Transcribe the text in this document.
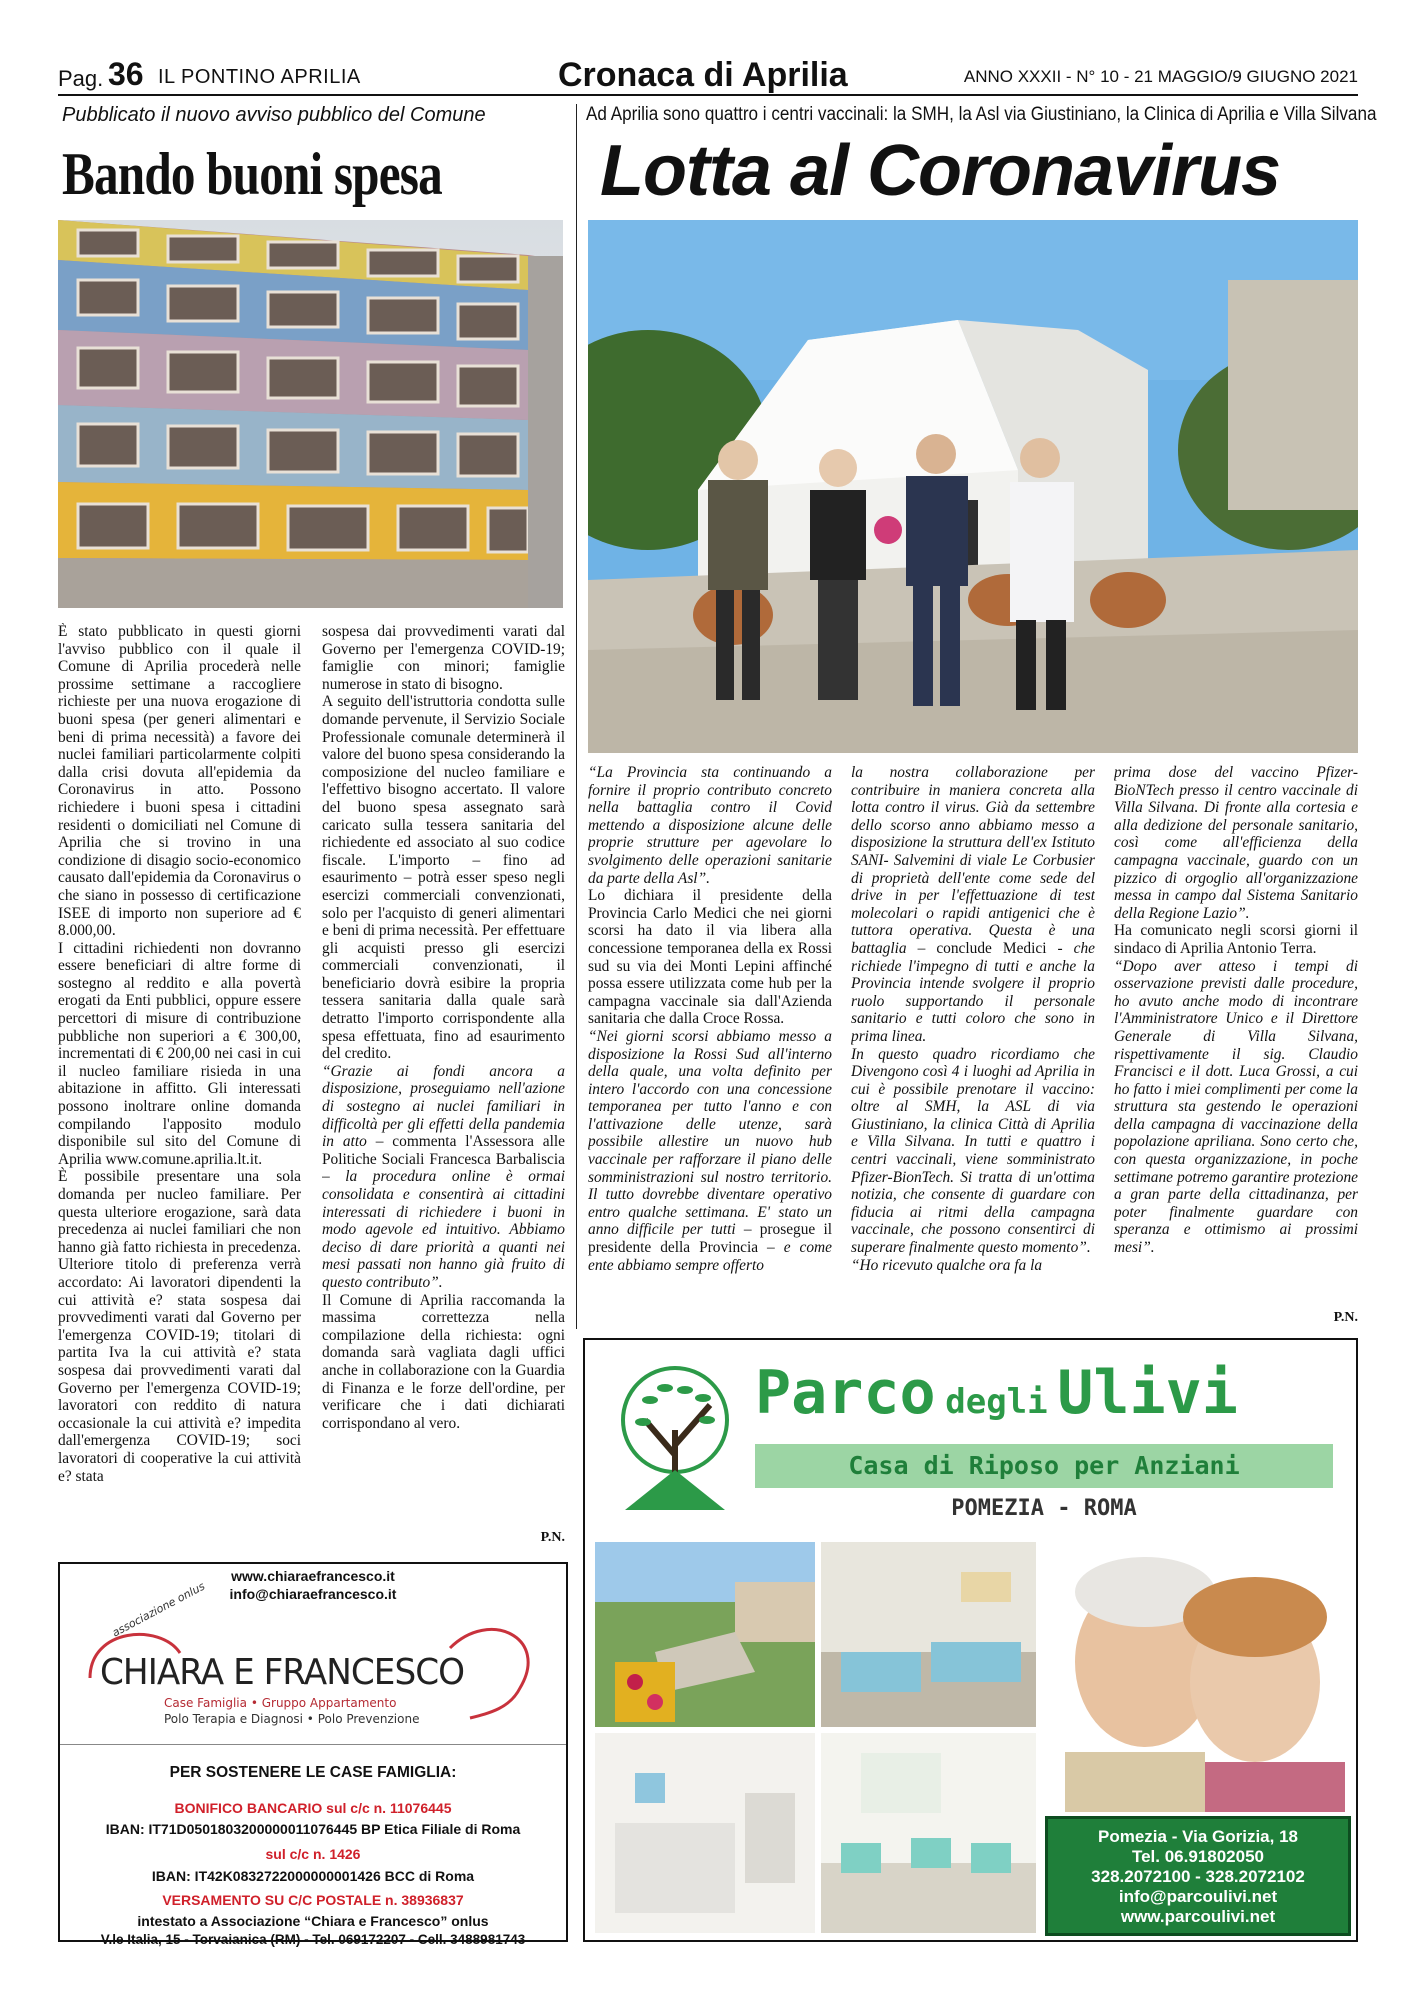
Pag. 36 IL PONTINO APRILIA	Cronaca di Aprilia	ANNO XXXII - N° 10 - 21 MAGGIO/9 GIUGNO 2021
Pubblicato il nuovo avviso pubblico del Comune
Bando buoni spesa

È stato pubblicato in questi giorni l'avviso pubblico con il quale il Comune di Aprilia procederà nelle prossime settimane a raccogliere richieste per una nuova erogazione di buoni spesa (per generi alimentari e beni di prima necessità) a favore dei nuclei familiari particolarmente colpiti dalla crisi dovuta all'epidemia da Coronavirus in atto. Possono richiedere i buoni spesa i cittadini residenti o domiciliati nel Comune di Aprilia che si trovino in una condizione di disagio socio-economico causato dall'epidemia da Coronavirus o che siano in possesso di certificazione ISEE di importo non superiore ad € 8.000,00.
I cittadini richiedenti non dovranno essere beneficiari di altre forme di sostegno al reddito e alla povertà erogati da Enti pubblici, oppure essere percettori di misure di contribuzione pubbliche non superiori a € 300,00, incrementati di € 200,00 nei casi in cui il nucleo familiare risieda in una abitazione in affitto. Gli interessati possono inoltrare online domanda compilando l'apposito modulo disponibile sul sito del Comune di Aprilia www.comune.aprilia.lt.it.
È possibile presentare una sola domanda per nucleo familiare. Per questa ulteriore erogazione, sarà data precedenza ai nuclei familiari che non hanno già fatto richiesta in precedenza. Ulteriore titolo di preferenza verrà accordato: Ai lavoratori dipendenti la cui attività e? stata sospesa dai provvedimenti varati dal Governo per l'emergenza COVID-19; titolari di partita Iva la cui attività e? stata sospesa dai provvedimenti varati dal Governo per l'emergenza COVID-19; lavoratori con reddito di natura occasionale la cui attività e? impedita dall'emergenza COVID-19; soci lavoratori di cooperative la cui attività e? stata

sospesa dai provvedimenti varati dal Governo per l'emergenza COVID-19; famiglie con minori; famiglie numerose in stato di bisogno.
A seguito dell'istruttoria condotta sulle domande pervenute, il Servizio Sociale Professionale comunale determinerà il valore del buono spesa considerando la composizione del nucleo familiare e l'effettivo bisogno accertato. Il valore del buono spesa assegnato sarà caricato sulla tessera sanitaria del richiedente ed associato al suo codice fiscale. L'importo – fino ad esaurimento – potrà esser speso negli esercizi commerciali convenzionati, solo per l'acquisto di generi alimentari e beni di prima necessità. Per effettuare gli acquisti presso gli esercizi commerciali convenzionati, il beneficiario dovrà esibire la propria tessera sanitaria dalla quale sarà detratto l'importo corrispondente alla spesa effettuata, fino ad esaurimento del credito.
“Grazie ai fondi ancora a disposizione, proseguiamo nell'azione di sostegno ai nuclei familiari in difficoltà per gli effetti della pandemia in atto – commenta l'Assessora alle Politiche Sociali Francesca Barbaliscia – la procedura online è ormai consolidata e consentirà ai cittadini interessati di richiedere i buoni in modo agevole ed intuitivo. Abbiamo deciso di dare priorità a quanti nei mesi passati non hanno già fruito di questo contributo”.
Il Comune di Aprilia raccomanda la massima correttezza nella compilazione della richiesta: ogni domanda sarà vagliata dagli uffici anche in collaborazione con la Guardia di Finanza e le forze dell'ordine, per verificare che i dati dichiarati corrispondano al vero.

P.N.
Ad Aprilia sono quattro i centri vaccinali: la SMH, la Asl via Giustiniano, la Clinica di Aprilia e Villa Silvana
Lotta al Coronavirus

“La Provincia sta continuando a fornire il proprio contributo concreto nella battaglia contro il Covid mettendo a disposizione alcune delle proprie strutture per agevolare lo svolgimento delle operazioni sanitarie da parte della Asl”.
Lo dichiara il presidente della Provincia Carlo Medici che nei giorni scorsi ha dato il via libera alla concessione temporanea della ex Rossi sud su via dei Monti Lepini affinché possa essere utilizzata come hub per la campagna vaccinale sia dall'Azienda sanitaria che dalla Croce Rossa.
“Nei giorni scorsi abbiamo messo a disposizione la Rossi Sud all'interno della quale, una volta definito per intero l'accordo con una concessione temporanea per tutto l'anno e con l'attivazione delle utenze, sarà possibile allestire un nuovo hub vaccinale per rafforzare il piano delle somministrazioni sul nostro territorio. Il tutto dovrebbe diventare operativo entro qualche settimana. E' stato un anno difficile per tutti – prosegue il presidente della Provincia – e come ente abbiamo sempre offerto

la nostra collaborazione per contribuire in maniera concreta alla lotta contro il virus. Già da settembre dello scorso anno abbiamo messo a disposizione la struttura dell'ex Istituto SANI- Salvemini di viale Le Corbusier di proprietà dell'ente come sede del drive in per l'effettuazione di test molecolari o rapidi antigenici che è tuttora operativa. Questa è una battaglia – conclude Medici - che richiede l'impegno di tutti e anche la Provincia intende svolgere il proprio ruolo supportando il personale sanitario e tutti coloro che sono in prima linea.
In questo quadro ricordiamo che Divengono così 4 i luoghi ad Aprilia in cui è possibile prenotare il vaccino: oltre al SMH, la ASL di via Giustiniano, la clinica Città di Aprilia e Villa Silvana. In tutti e quattro i centri vaccinali, viene somministrato Pfizer-BionTech. Si tratta di un'ottima notizia, che consente di guardare con fiducia ai ritmi della campagna vaccinale, che possono consentirci di superare finalmente questo momento”.
“Ho ricevuto qualche ora fa la

prima dose del vaccino Pfizer-BioNTech presso il centro vaccinale di Villa Silvana. Di fronte alla cortesia e alla dedizione del personale sanitario, così come all'efficienza della campagna vaccinale, guardo con un pizzico di orgoglio all'organizzazione messa in campo dal Sistema Sanitario della Regione Lazio”.
Ha comunicato negli scorsi giorni il sindaco di Aprilia Antonio Terra.
“Dopo aver atteso i tempi di osservazione previsti dalle procedure, ho avuto anche modo di incontrare l'Amministratore Unico e il Direttore Generale di Villa Silvana, rispettivamente il sig. Claudio Francisci e il dott. Luca Grossi, a cui ho fatto i miei complimenti per come la struttura sta gestendo le operazioni della campagna di vaccinazione della popolazione apriliana. Sono certo che, con questa organizzazione, in poche settimane potremo garantire protezione a gran parte della cittadinanza, per poter finalmente guardare con speranza e ottimismo ai prossimi mesi”.

P.N.
www.chiaraefrancesco.it
info@chiaraefrancesco.it
associazione onlus
CHIARA E FRANCESCO
Case Famiglia • Gruppo Appartamento
Polo Terapia e Diagnosi • Polo Prevenzione
PER SOSTENERE LE CASE FAMIGLIA:
BONIFICO BANCARIO sul c/c n. 11076445
IBAN: IT71D0501803200000011076445 BP Etica Filiale di Roma
sul c/c n. 1426
IBAN: IT42K0832722000000001426 BCC di Roma
VERSAMENTO SU C/C POSTALE n. 38936837
intestato a Associazione “Chiara e Francesco” onlus
V.le Italia, 15 - Torvaianica (RM) - Tel. 069172207 - Cell. 3488981743
Parco degli Ulivi
Casa di Riposo per Anziani
POMEZIA - ROMA
Pomezia - Via Gorizia, 18
Tel. 06.91802050
328.2072100 - 328.2072102
info@parcoulivi.net
www.parcoulivi.net
